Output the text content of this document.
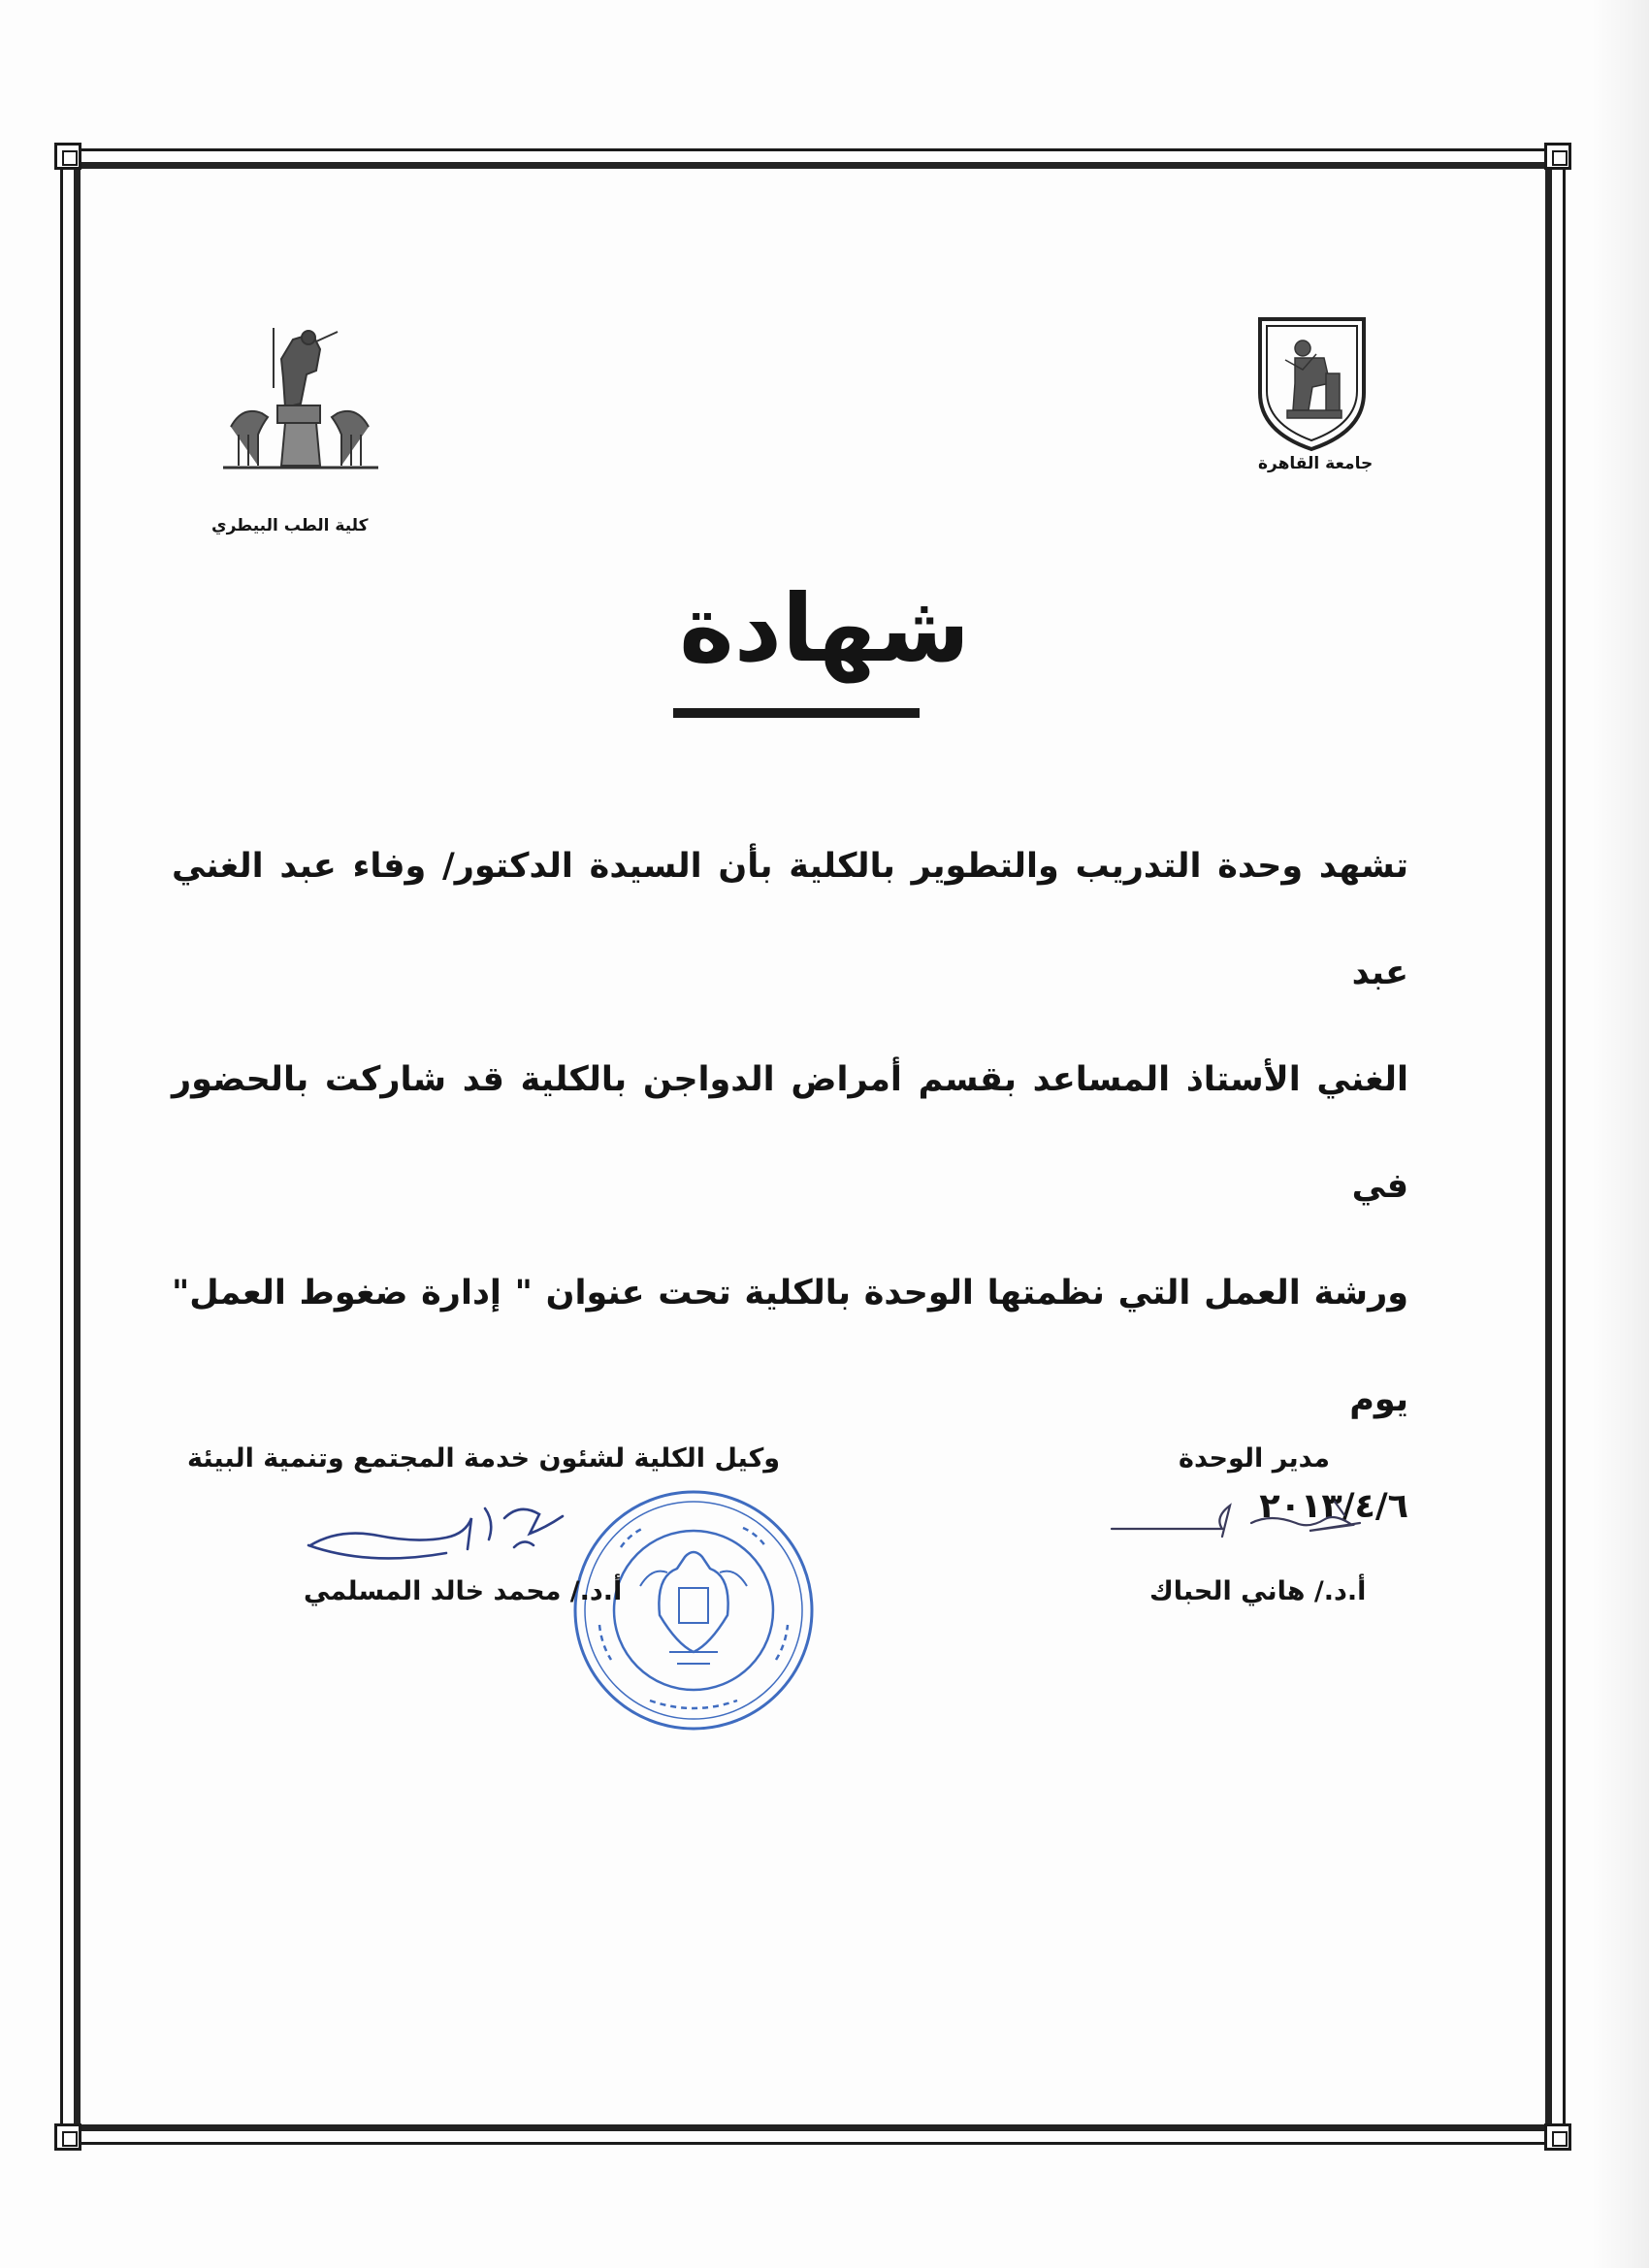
كلية الطب البيطري
جامعة القاهرة
شهادة

تشهد وحدة التدريب والتطوير بالكلية بأن السيدة الدكتور/ وفاء عبد الغني عبد

الغني الأستاذ المساعد بقسم أمراض الدواجن بالكلية قد شاركت بالحضور في

ورشة العمل التي نظمتها الوحدة بالكلية تحت عنوان " إدارة ضغوط العمل" يوم

٢٠١٣/٤/٦

مدير الوحدة
أ.د./ هاني الحباك
وكيل الكلية لشئون خدمة المجتمع وتنمية البيئة
أ.د./ محمد خالد المسلمي
